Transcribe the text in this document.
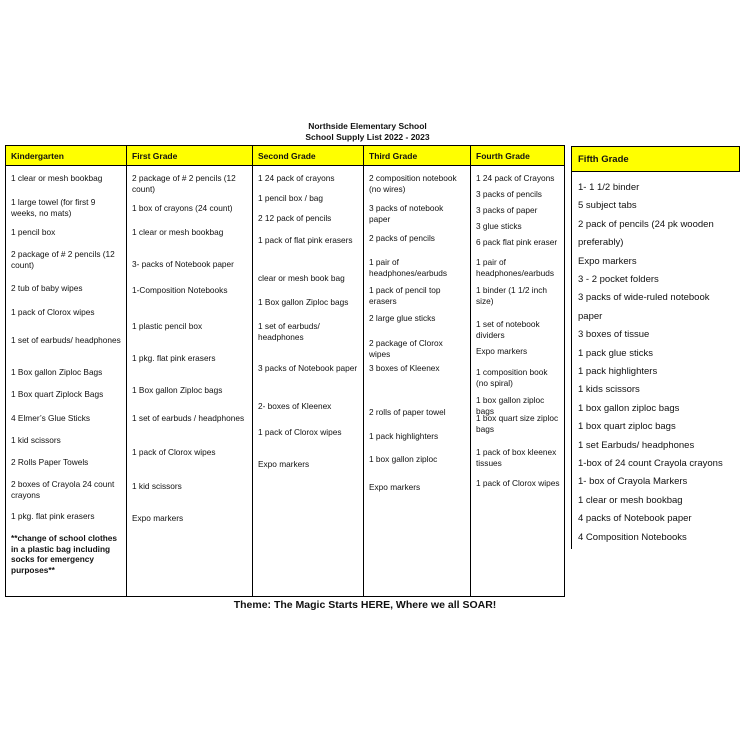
Northside Elementary School
School Supply List 2022 - 2023
Kindergarten
1 clear or mesh bookbag
1 large towel (for first 9 weeks, no mats)
1 pencil box
2 package of # 2 pencils (12 count)
2 tub of baby wipes
1 pack of Clorox wipes
1 set of earbuds/ headphones
1 Box gallon Ziploc Bags
1 Box quart Ziplock Bags
4 Elmer’s Glue Sticks
1 kid scissors
2 Rolls Paper Towels
2 boxes of Crayola 24 count crayons
1 pkg. flat pink erasers
**change of school clothes in a plastic bag including socks for emergency purposes**
First Grade
2 package of # 2 pencils (12 count)
1 box of crayons (24 count)
1 clear or mesh bookbag
3- packs of Notebook paper
1-Composition Notebooks
1 plastic pencil box
1 pkg. flat pink erasers
1 Box gallon Ziploc bags
1 set of earbuds / headphones
1 pack of Clorox wipes
1 kid scissors
Expo markers
Second Grade
1 24 pack of crayons
1 pencil box / bag
2 12 pack of pencils
1 pack of flat pink erasers
clear or mesh book bag
1 Box gallon Ziploc bags
1 set of earbuds/ headphones
3 packs of Notebook paper
2- boxes of Kleenex
1 pack of Clorox wipes
Expo markers
Third Grade
2 composition notebook (no wires)
3 packs of notebook paper
2 packs of pencils
1 pair of headphones/earbuds
1 pack of pencil top erasers
2 large glue sticks
2 package of Clorox wipes
3 boxes of Kleenex
2 rolls of paper towel
1 pack highlighters
1 box gallon ziploc
Expo markers
Fourth Grade
1 24 pack of Crayons
3 packs of pencils
3 packs of paper
3 glue sticks
6 pack flat pink eraser
1 pair of headphones/earbuds
1 binder (1 1/2 inch size)
1 set of notebook dividers
Expo markers
1 composition book (no spiral)
1 box gallon ziploc bags
1 box quart size ziploc bags
1 pack of box kleenex tissues
1 pack of Clorox wipes
Fifth Grade
1- 1 1/2 binder
5 subject tabs
2 pack of pencils (24 pk wooden
preferably)
Expo markers
3 - 2 pocket folders
3 packs of wide-ruled notebook
paper
3 boxes of tissue
1 pack glue sticks
1 pack highlighters
1 kids scissors
1 box gallon ziploc bags
1 box quart ziploc bags
1 set Earbuds/ headphones
1-box of 24 count Crayola crayons
1- box of Crayola Markers
1 clear or mesh bookbag
4 packs of Notebook paper
4 Composition Notebooks
Theme: The Magic Starts HERE, Where we all SOAR!
